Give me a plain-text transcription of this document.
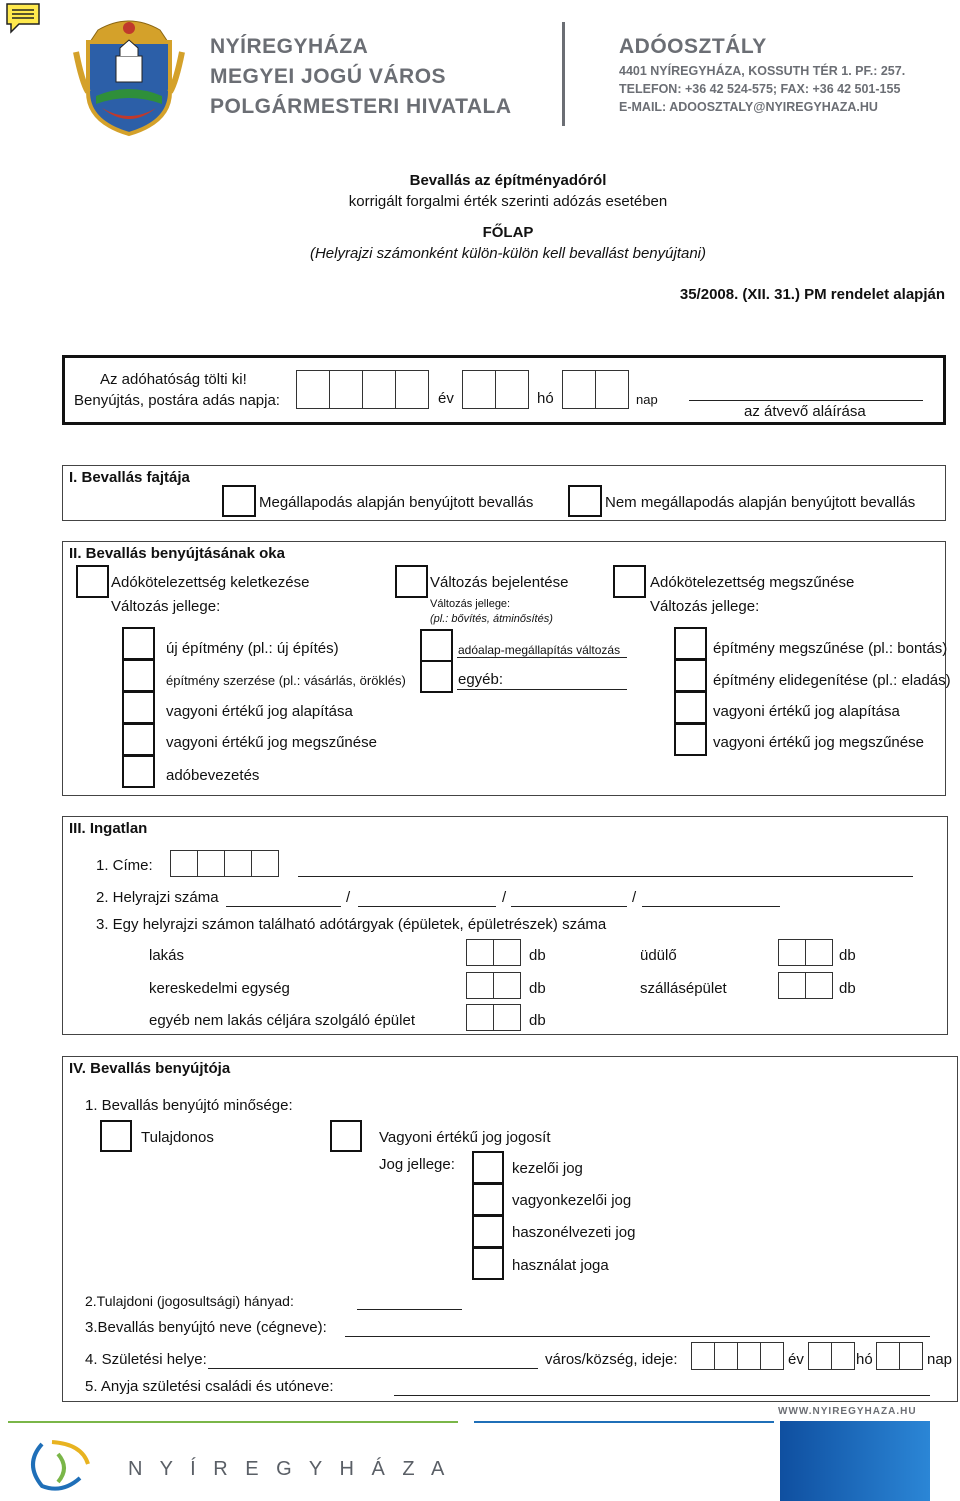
NYÍREGYHÁZA
MEGYEI JOGÚ VÁROS
POLGÁRMESTERI HIVATALA
ADÓOSZTÁLY
4401 NYÍREGYHÁZA, KOSSUTH TÉR 1. PF.: 257.
TELEFON: +36 42 524-575; FAX: +36 42 501-155
E-MAIL: ADOOSZTALY@NYIREGYHAZA.HU
Bevallás az építményadóról
korrigált forgalmi érték szerinti adózás esetében
FŐLAP
(Helyrajzi számonként külön-külön kell bevallást benyújtani)
35/2008. (XII. 31.) PM rendelet alapján
Az adóhatóság tölti ki!
Benyújtás, postára adás napja:	év	hó	nap
az átvevő aláírása
I. Bevallás fajtája
Megállapodás alapján benyújtott bevallás	Nem megállapodás alapján benyújtott bevallás
II. Bevallás benyújtásának oka
Adókötelezettség keletkezése
Változás jellege:
Változás bejelentése
Változás jellege:
(pl.: bővítés, átminősítés)
Adókötelezettség megszűnése
Változás jellege:
új építmény (pl.: új építés)
építmény szerzése (pl.: vásárlás, öröklés)
vagyoni értékű jog alapítása
vagyoni értékű jog megszűnése
adóbevezetés
adóalap-megállapítás változás
egyéb:
építmény megszűnése (pl.: bontás)
építmény elidegenítése (pl.: eladás)
vagyoni értékű jog alapítása
vagyoni értékű jog megszűnése
III. Ingatlan
1. Címe:
2. Helyrajzi száma	/	/	/
3. Egy helyrajzi számon található adótárgyak (épületek, épületrészek) száma
lakás	db	üdülő	db
kereskedelmi egység	db	szállásépület	db
egyéb nem lakás céljára szolgáló épület	db
IV. Bevallás benyújtója
1. Bevallás benyújtó minősége:
Tulajdonos	Vagyoni értékű jog jogosít
Jog jellege:	kezelői jog
vagyonkezelői jog
haszonélvezeti jog
használat joga
2.Tulajdoni (jogosultsági) hányad:
3.Bevallás benyújtó neve (cégneve):
4. Születési helye:	város/község, ideje:	év	hó	nap
5. Anyja születési családi és utóneve:
WWW.NYIREGYHAZA.HU
N Y Í R E G Y H Á Z A
